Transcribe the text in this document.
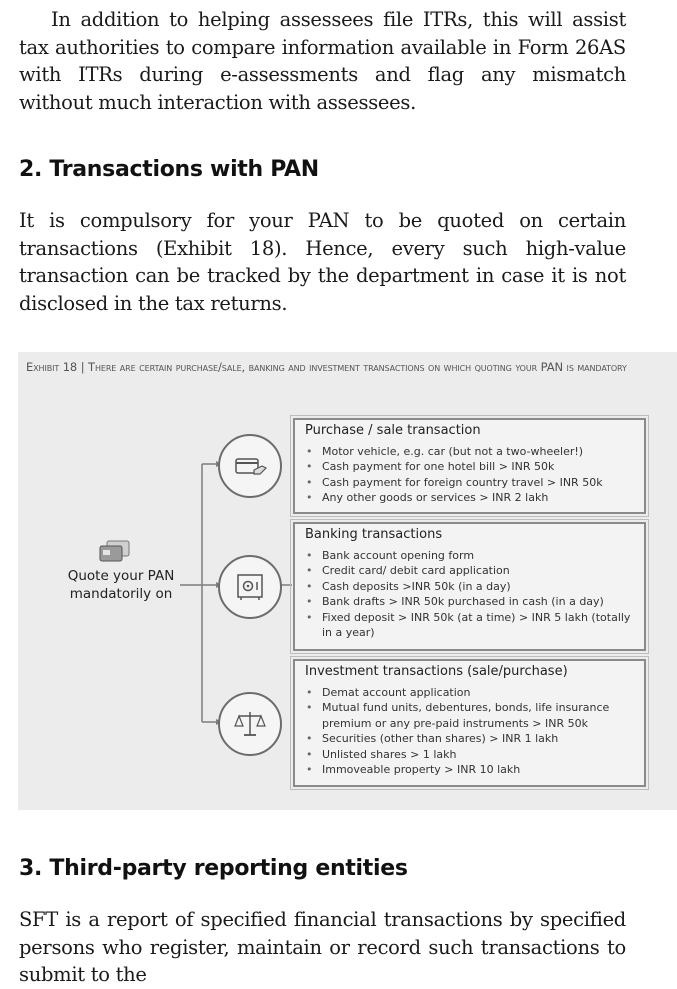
In addition to helping assessees file ITRs, this will assist tax authorities to compare information available in Form 26AS with ITRs during e-assessments and flag any mismatch without much interaction with assessees.

2. Transactions with PAN

It is compulsory for your PAN to be quoted on certain transactions (Exhibit 18). Hence, every such high-value transaction can be tracked by the department in case it is not disclosed in the tax returns.

Exhibit 18 | There are certain purchase/sale, banking and investment transactions on which quoting your PAN is mandatory

Quote your PAN mandatorily on

Purchase / sale transaction

• Motor vehicle, e.g. car (but not a two-wheeler!)
• Cash payment for one hotel bill > INR 50k
• Cash payment for foreign country travel > INR 50k
• Any other goods or services > INR 2 lakh

Banking transactions

• Bank account opening form
• Credit card/ debit card application
• Cash deposits >INR 50k (in a day)
• Bank drafts > INR 50k purchased in cash (in a day)
• Fixed deposit > INR 50k (at a time) > INR 5 lakh (totally in a year)

Investment transactions (sale/purchase)

• Demat account application
• Mutual fund units, debentures, bonds, life insurance premium or any pre-paid instruments > INR 50k
• Securities (other than shares) > INR 1 lakh
• Unlisted shares > 1 lakh
• Immoveable property > INR 10 lakh
3. Third-party reporting entities

SFT is a report of specified financial transactions by specified persons who register, maintain or record such transactions to submit to the
